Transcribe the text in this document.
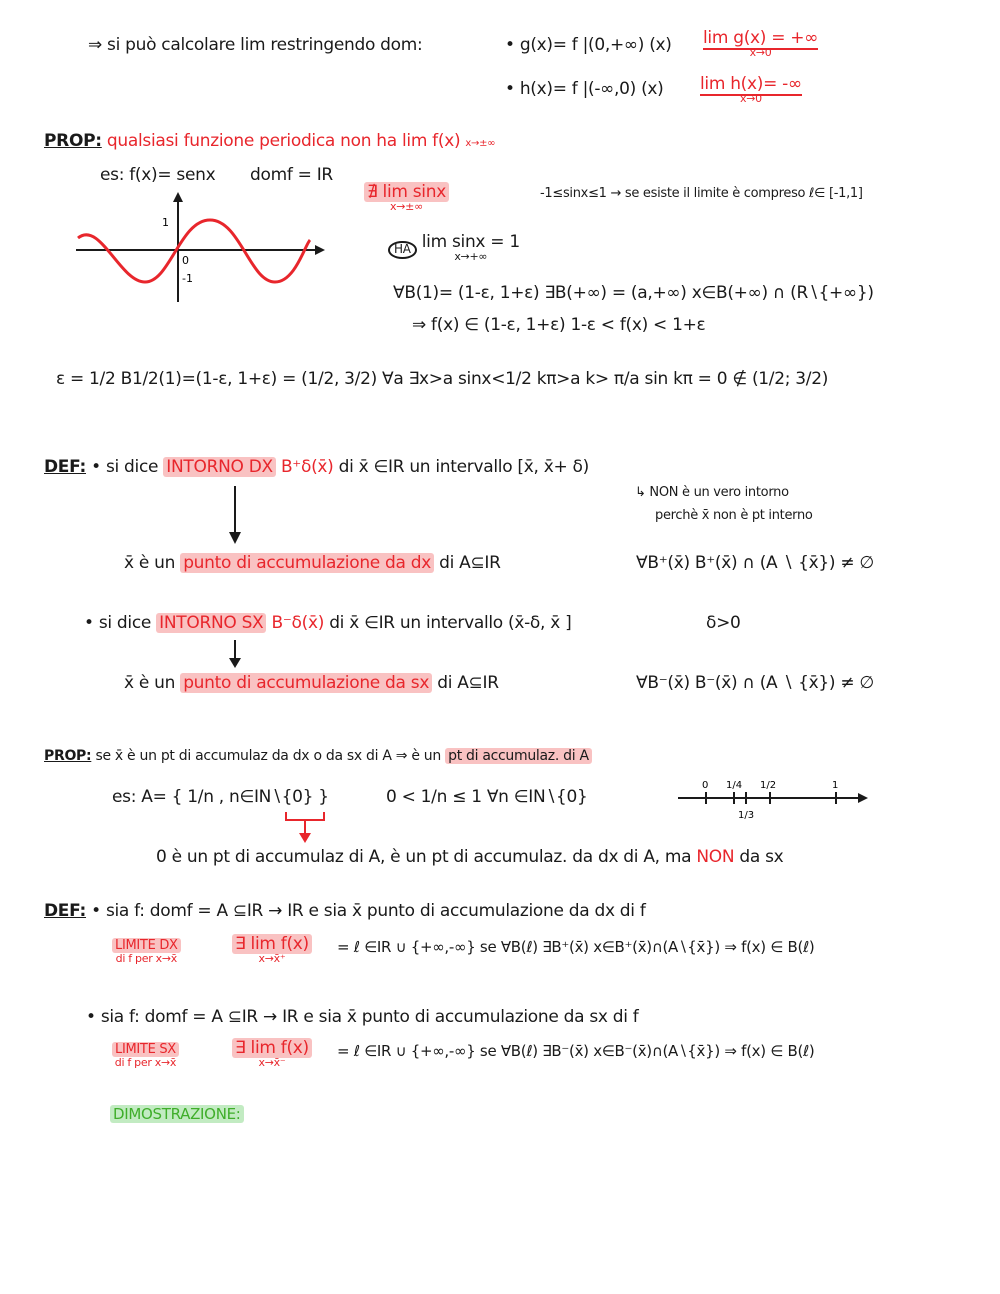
⇒ si può calcolare lim restringendo dom:	• g(x)= f |(0,+∞) (x) lim g(x) = +∞
x→0
• h(x)= f |(-∞,0) (x) lim h(x)= -∞
x→0
PROP: qualsiasi funzione periodica non ha lim f(x) x→±∞
es: f(x)= senx domf = IR
1
0
-1
∄ lim sinx
x→±∞
-1≤sinx≤1 → se esiste il limite è compreso ℓ∈ [-1,1]
HA lim sinx = 1
x→+∞
∀B(1)= (1-ε, 1+ε) ∃B(+∞) = (a,+∞) x∈B(+∞) ∩ (R∖{+∞})
⇒ f(x) ∈ (1-ε, 1+ε) 1-ε < f(x) < 1+ε
ε = 1/2 B1/2(1)=(1-ε, 1+ε) = (1/2, 3/2) ∀a ∃x>a sinx<1/2 kπ>a k> π/a sin kπ = 0 ∉ (1/2; 3/2)
DEF: • si dice INTORNO DX B⁺δ(x̄) di x̄ ∈IR un intervallo [x̄, x̄+ δ)
↳ NON è un vero intorno
perchè x̄ non è pt interno
x̄ è un punto di accumulazione da dx di A⊆IR	∀B⁺(x̄) B⁺(x̄) ∩ (A ∖ {x̄}) ≠ ∅
• si dice INTORNO SX B⁻δ(x̄) di x̄ ∈IR un intervallo (x̄-δ, x̄ ]	δ>0
x̄ è un punto di accumulazione da sx di A⊆IR	∀B⁻(x̄) B⁻(x̄) ∩ (A ∖ {x̄}) ≠ ∅
PROP: se x̄ è un pt di accumulaz da dx o da sx di A ⇒ è un pt di accumulaz. di A
es: A= { 1/n , n∈IN∖{0} }	0 < 1/n ≤ 1 ∀n ∈IN∖{0}
0 1/4 1/2	1
1/3
0 è un pt di accumulaz di A, è un pt di accumulaz. da dx di A, ma NON da sx
DEF: • sia f: domf = A ⊆IR → IR e sia x̄ punto di accumulazione da dx di f
LIMITE DX
di f per x→x̄
∃ lim f(x)
x→x̄⁺
= ℓ ∈IR ∪ {+∞,-∞} se ∀B(ℓ) ∃B⁺(x̄) x∈B⁺(x̄)∩(A∖{x̄}) ⇒ f(x) ∈ B(ℓ)
• sia f: domf = A ⊆IR → IR e sia x̄ punto di accumulazione da sx di f
LIMITE SX
di f per x→x̄
∃ lim f(x)
x→x̄⁻
= ℓ ∈IR ∪ {+∞,-∞} se ∀B(ℓ) ∃B⁻(x̄) x∈B⁻(x̄)∩(A∖{x̄}) ⇒ f(x) ∈ B(ℓ)
DIMOSTRAZIONE:
